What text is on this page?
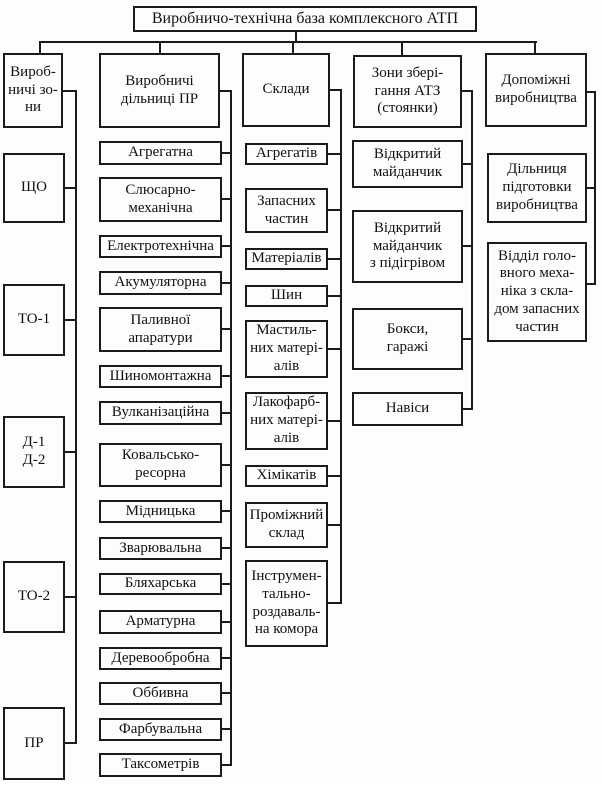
Виробничо-технічна база комплексного АТП
Вироб-
ничі зо-
ни
ЩО
ТО-1
Д-1
Д-2
ТО-2
ПР
Виробничі
дільниці ПР
Агрегатна
Слюсарно-
механічна
Електротехнічна
Акумуляторна
Паливної
апаратури
Шиномонтажна
Вулканізаційна
Ковальсько-
ресорна
Мідницька
Зварювальна
Бляхарська
Арматурна
Деревообробна
Оббивна
Фарбувальна
Таксометрів
Склади
Агрегатів
Запасних
частин
Матеріалів
Шин
Мастиль-
них матері-
алів
Лакофарб-
них матері-
алів
Хімікатів
Проміжний
склад
Інструмен-
тально-
роздаваль-
на комора
Зони збері-
гання АТЗ
(стоянки)
Відкритий
майданчик
Відкритий
майданчик
з підігрівом
Бокси,
гаражі
Навіси
Допоміжні
виробництва
Дільниця
підготовки
виробництва
Відділ голо-
вного меха-
ніка з скла-
дом запасних
частин
